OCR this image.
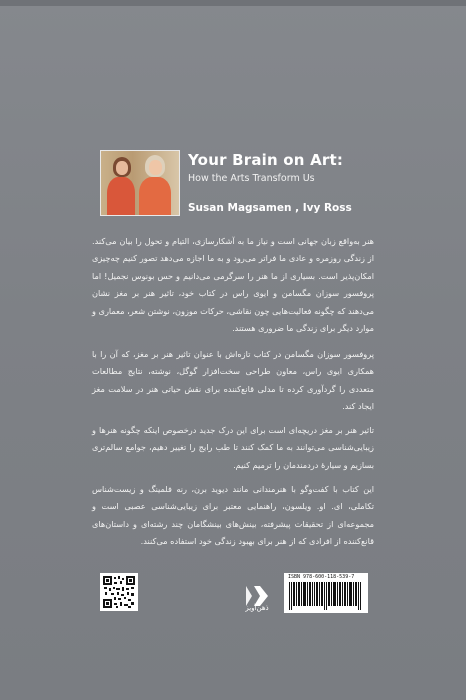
Your Brain on Art:
How the Arts Transform Us
Susan Magsamen , Ivy Ross
هنر به‌واقع زبان جهانی است و نیاز ما به آشکارسازی، التیام و تحول را بیان می‌کند. از زندگی روزمره و عادی ما فراتر می‌رود و به ما اجازه می‌دهد تصور کنیم چه‌چیزی امکان‌پذیر است. بسیاری از ما هنر را سرگرمی می‌دانیم و حس بونوس نجمیل! اما پروفسور سوزان مگسامن و ایوی راس در کتاب خود، تاثیر هنر بر مغز نشان می‌دهند که چگونه فعالیت‌هایی چون نقاشی، حرکات موزون، نوشتن شعر، معماری و موارد دیگر برای زندگی ما ضروری هستند.
پروفسور سوزان مگسامن در کتاب تازه‌اش با عنوان تاثیر هنر بر مغز، که آن را با همکاری ایوی راس، معاون طراحی سخت‌افزار گوگل، نوشته، نتایج مطالعات متعددی را گردآوری کرده تا مدلی قانع‌کننده برای نقش حیاتی هنر در سلامت مغز ایجاد کند.
تاثیر هنر بر مغز دریچه‌ای است برای این درک جدید درخصوص اینکه چگونه هنرها و زیبایی‌شناسی می‌توانند به ما کمک کنند تا طب رایج را تغییر دهیم، جوامع سالم‌تری بسازیم و سیارهٔ دردمندمان را ترمیم کنیم.
این کتاب با کفت‌وگو با هنرمندانی مانند دیوید برن، رنه فلمینگ و زیست‌شناس تکاملی، ای. او. ویلسون، راهنمایی معتبر برای زیبایی‌شناسی عصبی است و مجموعه‌ای از تحقیقات پیشرفته، بینش‌های بینشگامان چند رشته‌ای و داستان‌های قانع‌کننده از افرادی که از هنر برای بهبود زندگی خود استفاده می‌کنند.
ذهن‌آویز
ISBN 978-600-118-539-7
